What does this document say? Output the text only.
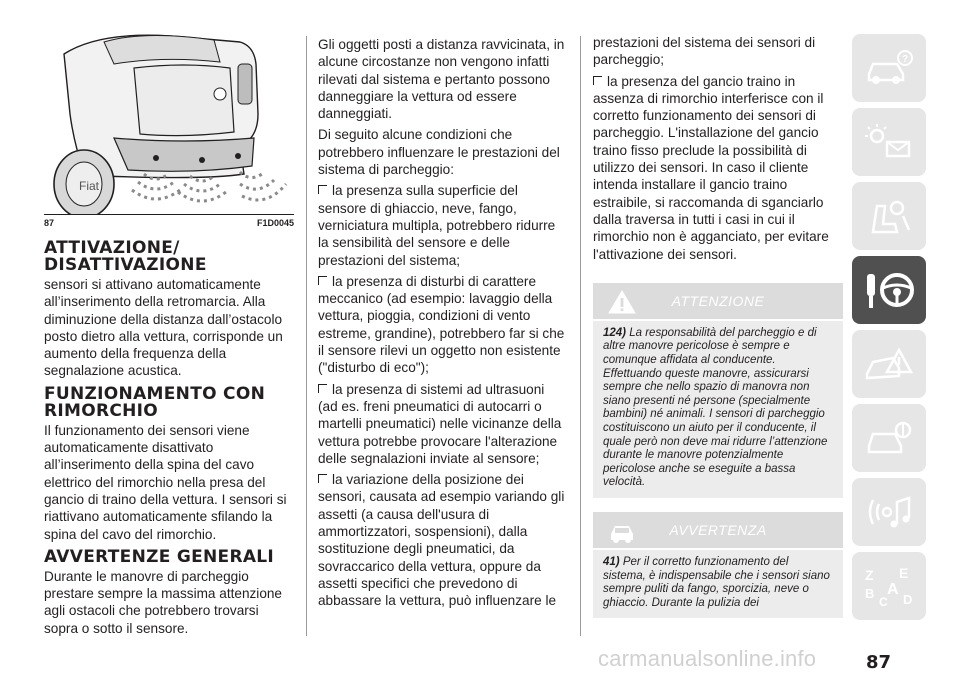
Fiat
87	F1D0045
ATTIVAZIONE/ DISATTIVAZIONE

sensori si attivano automaticamente all’inserimento della retromarcia. Alla diminuzione della distanza dall’ostacolo posto dietro alla vettura, corrisponde un aumento della frequenza della segnalazione acustica.

FUNZIONAMENTO CON RIMORCHIO

Il funzionamento dei sensori viene automaticamente disattivato all’inserimento della spina del cavo elettrico del rimorchio nella presa del gancio di traino della vettura. I sensori si riattivano automaticamente sfilando la spina del cavo del rimorchio.

AVVERTENZE GENERALI

Durante le manovre di parcheggio prestare sempre la massima attenzione agli ostacoli che potrebbero trovarsi sopra o sotto il sensore.

Gli oggetti posti a distanza ravvicinata, in alcune circostanze non vengono infatti rilevati dal sistema e pertanto possono danneggiare la vettura od essere danneggiati.

Di seguito alcune condizioni che potrebbero influenzare le prestazioni del sistema di parcheggio:

la presenza sulla superficie del sensore di ghiaccio, neve, fango, verniciatura multipla, potrebbero ridurre la sensibilità del sensore e delle prestazioni del sistema;

la presenza di disturbi di carattere meccanico (ad esempio: lavaggio della vettura, pioggia, condizioni di vento estreme, grandine), potrebbero far si che il sensore rilevi un oggetto non esistente ("disturbo di eco");

la presenza di sistemi ad ultrasuoni (ad es. freni pneumatici di autocarri o martelli pneumatici) nelle vicinanze della vettura potrebbe provocare l'alterazione delle segnalazioni inviate al sensore;

la variazione della posizione dei sensori, causata ad esempio variando gli assetti (a causa dell'usura di ammortizzatori, sospensioni), dalla sostituzione degli pneumatici, da sovraccarico della vettura, oppure da assetti specifici che prevedono di abbassare la vettura, può influenzare le

prestazioni del sistema dei sensori di parcheggio;

la presenza del gancio traino in assenza di rimorchio interferisce con il corretto funzionamento dei sensori di parcheggio. L'installazione del gancio traino fisso preclude la possibilità di utilizzo dei sensori. In caso il cliente intenda installare il gancio traino estraibile, si raccomanda di sganciarlo dalla traversa in tutti i casi in cui il rimorchio non è agganciato, per evitare l'attivazione dei sensori.

ATTENZIONE
124) La responsabilità del parcheggio e di altre manovre pericolose è sempre e comunque affidata al conducente. Effettuando queste manovre, assicurarsi sempre che nello spazio di manovra non siano presenti né persone (specialmente bambini) né animali. I sensori di parcheggio costituiscono un aiuto per il conducente, il quale però non deve mai ridurre l’attenzione durante le manovre potenzialmente pericolose anche se eseguite a bassa velocità.
AVVERTENZA
41) Per il corretto funzionamento del sistema, è indispensabile che i sensori siano sempre puliti da fango, sporcizia, neve o ghiaccio. Durante la pulizia dei
?
Z E
B A
C D
carmanualsonline.info	87
